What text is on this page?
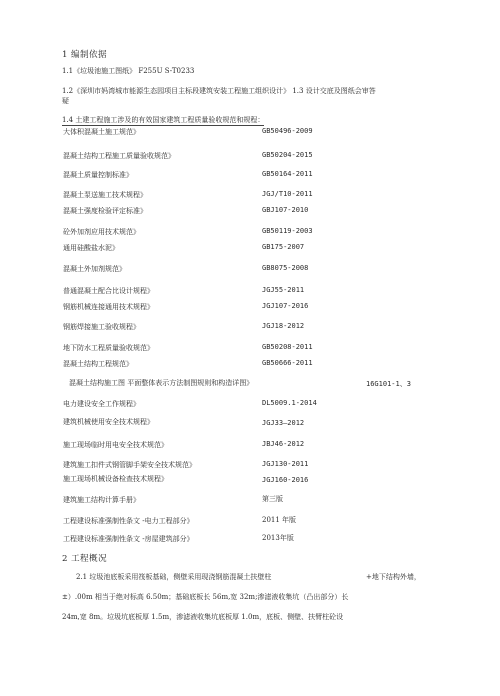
1 编制依据
1.1《垃圾池施工图纸》 F255U S-T0233
1.2《深圳市妈湾城市能源生态园项目主标段建筑安装工程施工组织设计》 1.3 设计交底及图纸会审答
疑
1.4 土建工程施工涉及的有效国家建筑工程质量验收规范和规程：
大体积混凝土施工规范》	GB50496-2009
混凝土结构工程施工质量验收规范》	GB50204-2015
混凝土质量控制标准》	GB50164-2011
混凝土泵送施工技术规程》	JGJ/T10-2011
混凝土强度检验评定标准》	GBJ107-2010
砼外加剂应用技术规范》	GB50119-2003
通用硅酸盐水泥》	GB175-2007
混凝土外加剂规范》	GB8075-2008
普通混凝土配合比设计规程》	JGJ55-2011
钢筋机械连接通用技术规程》	JGJ107-2016
钢筋焊接施工验收规程》	JGJ18-2012
地下防水工程质量验收规范》	GB50208-2011
混凝土结构工程规范》	GB50666-2011
混凝土结构施工图 平面整体表示方法制图规则和构造详图》	16G101-1、3
电力建设安全工作规程》	DL5009.1-2014
建筑机械使用安全技术规程》	JGJ33—2012
施工现场临时用电安全技术规范》	JBJ46-2012
建筑施工扣件式钢管脚手架安全技术规范》	JGJ130-2011
施工现场机械设备检查技术规程》	JGJ160-2016
建筑施工结构计算手册》	第三版
工程建设标准强制性条文 -电力工程部分》	2011 年版
工程建设标准强制性条文 -房屋建筑部分》	2013年版
2 工程概况
2.1 垃圾池底板采用筏板基础，侧壁采用现浇钢筋混凝土扶壁柱	+地下结构外墙，
±）.00m 相当于绝对标高 6.50m；基础底板长 56m,宽 32m;渗滤液收集坑（凸出部分）长
24m,宽 8m。垃圾坑底板厚 1.5m，渗滤液收集坑底板厚 1.0m，底板、侧壁、扶臂柱砼设
